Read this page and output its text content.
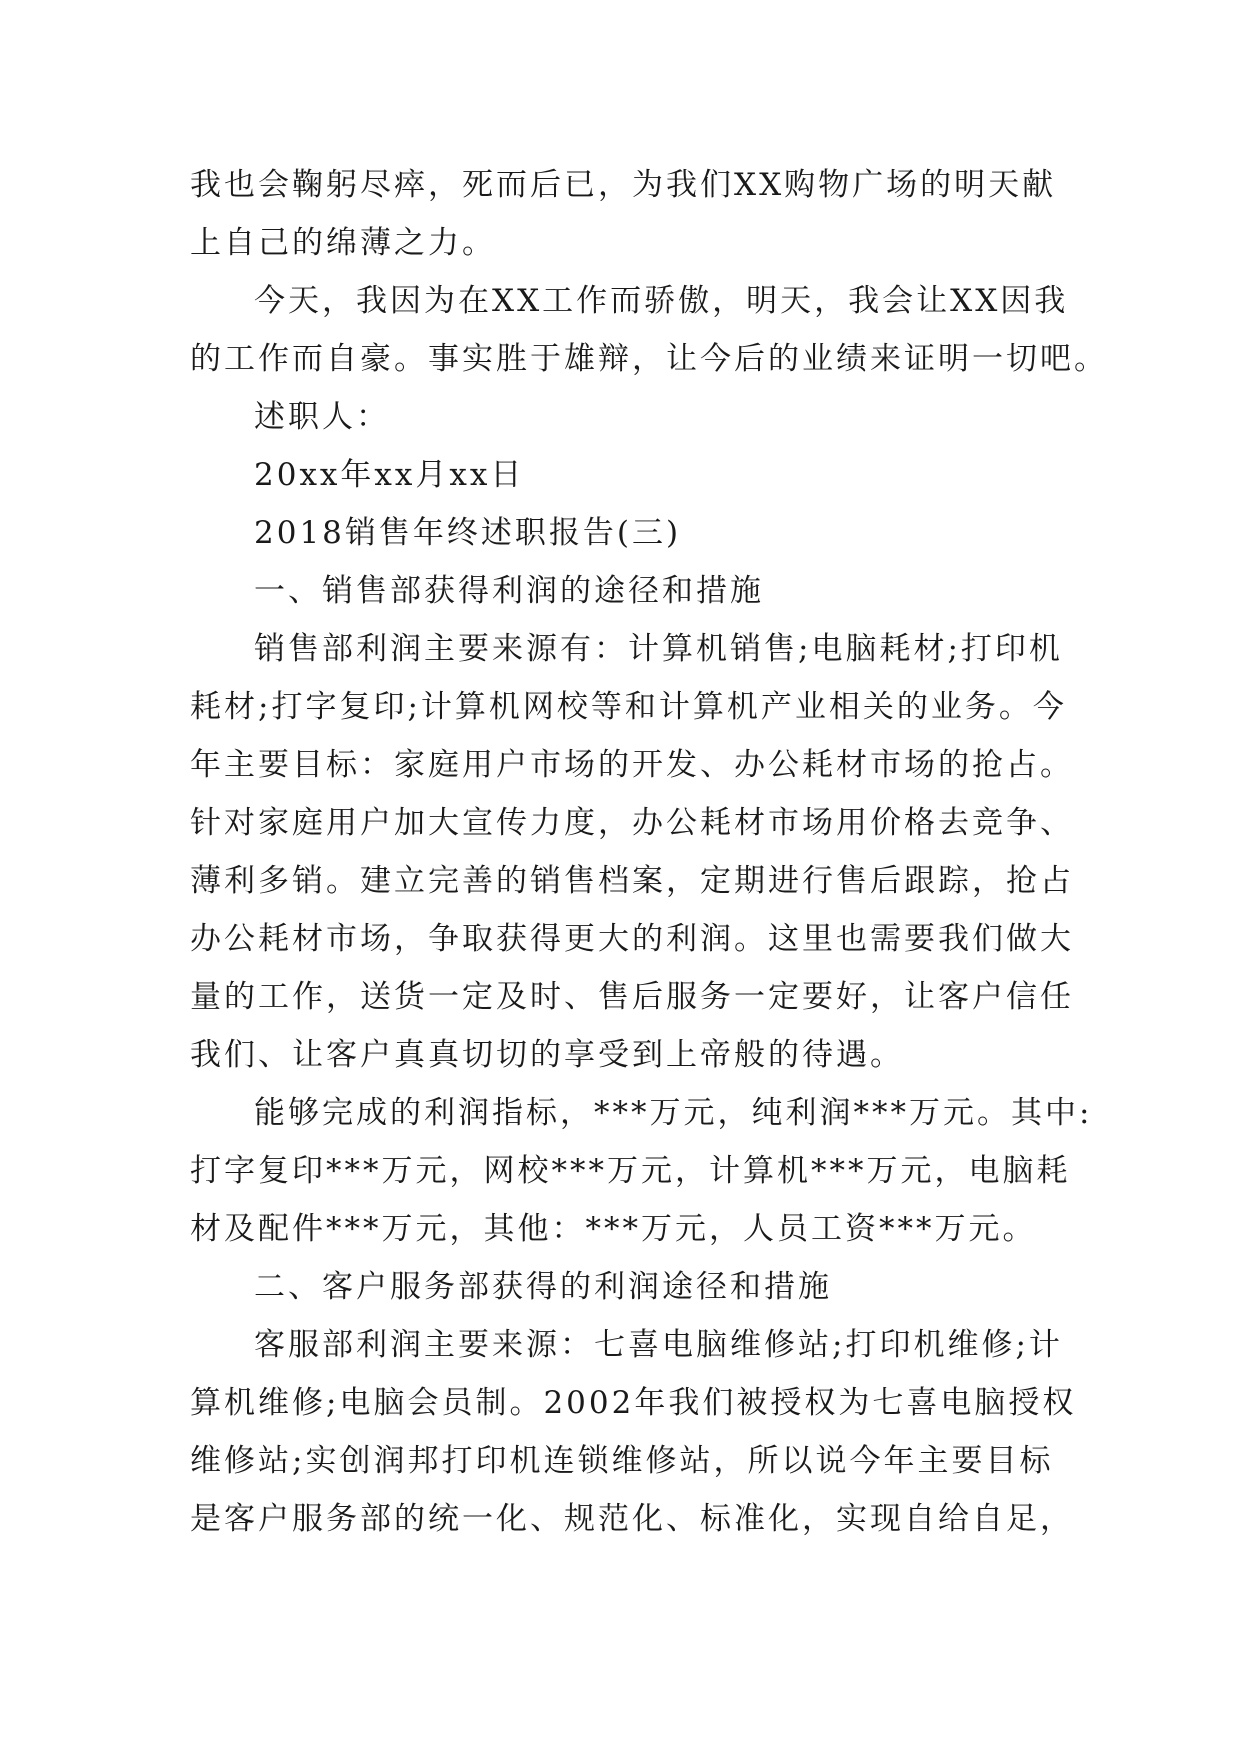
我也会鞠躬尽瘁，死而后已，为我们XX购物广场的明天献
上自己的绵薄之力。
今天，我因为在XX工作而骄傲，明天，我会让XX因我
的工作而自豪。事实胜于雄辩，让今后的业绩来证明一切吧。
述职人：
20xx年xx月xx日
2018销售年终述职报告(三)
一、销售部获得利润的途径和措施
销售部利润主要来源有：计算机销售;电脑耗材;打印机
耗材;打字复印;计算机网校等和计算机产业相关的业务。今
年主要目标：家庭用户市场的开发、办公耗材市场的抢占。
针对家庭用户加大宣传力度，办公耗材市场用价格去竞争、
薄利多销。建立完善的销售档案，定期进行售后跟踪，抢占
办公耗材市场，争取获得更大的利润。这里也需要我们做大
量的工作，送货一定及时、售后服务一定要好，让客户信任
我们、让客户真真切切的享受到上帝般的待遇。
能够完成的利润指标，***万元，纯利润***万元。其中:
打字复印***万元，网校***万元，计算机***万元，电脑耗
材及配件***万元，其他：***万元，人员工资***万元。
二、客户服务部获得的利润途径和措施
客服部利润主要来源：七喜电脑维修站;打印机维修;计
算机维修;电脑会员制。2002年我们被授权为七喜电脑授权
维修站;实创润邦打印机连锁维修站，所以说今年主要目标
是客户服务部的统一化、规范化、标准化，实现自给自足，
